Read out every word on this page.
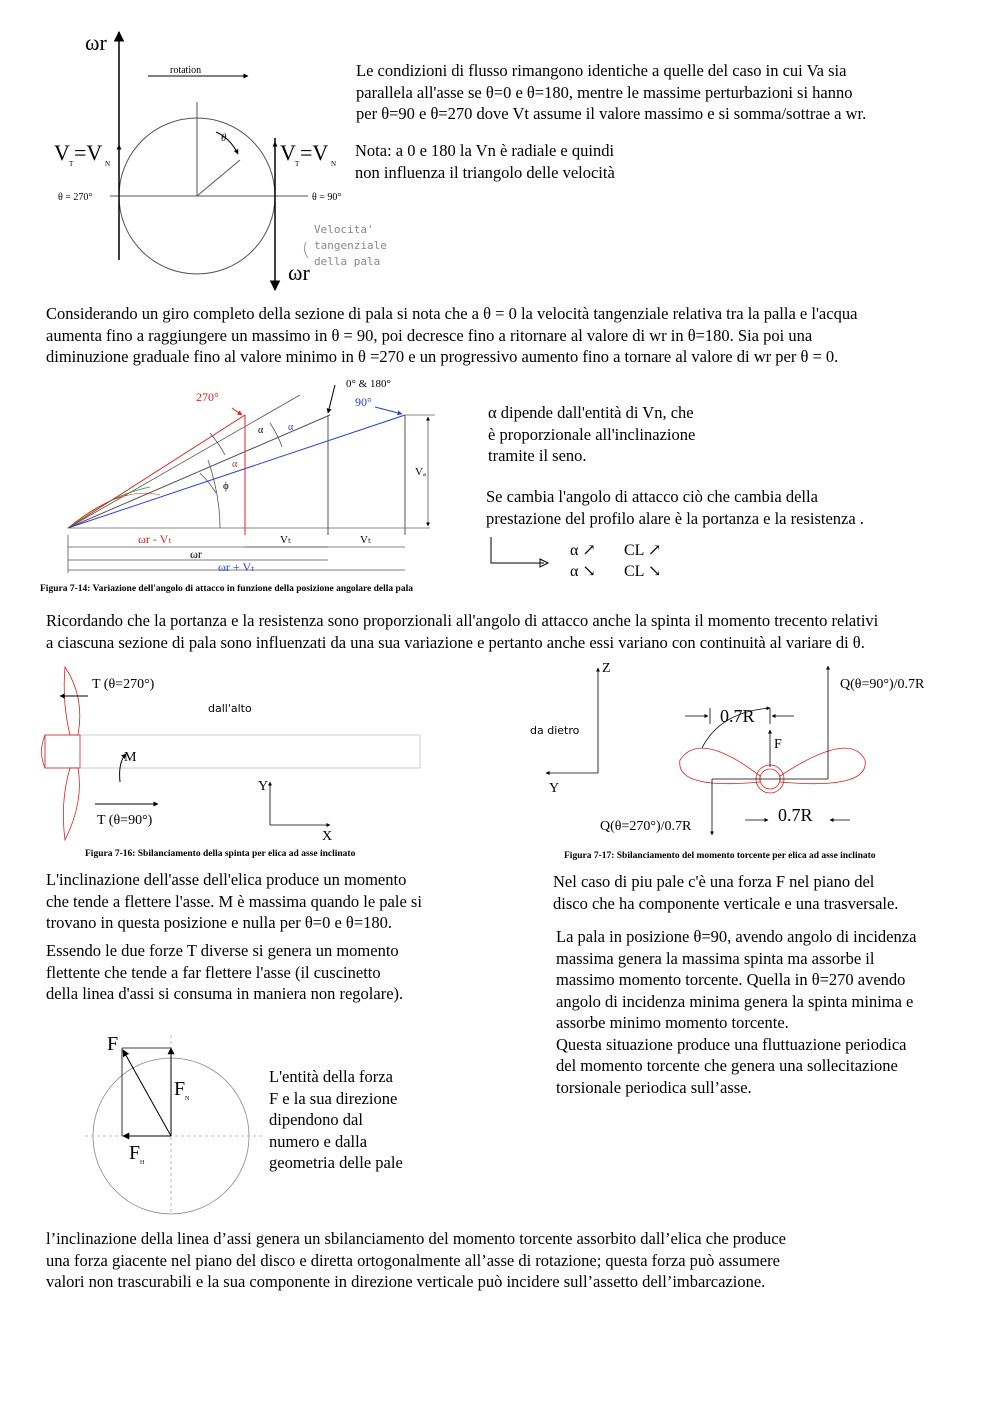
ωr
rotation
θ
V T =V N	V T =V N
θ = 270°	θ = 90°
ωr
Velocita'
tangenziale
della pala

Le condizioni di flusso rimangono identiche a quelle del caso in cui Va sia
parallela all'asse se θ=0 e θ=180, mentre le massime perturbazioni si hanno
per θ=90 e θ=270 dove Vt assume il valore massimo e si somma/sottrae a wr.

Nota: a 0 e 180 la Vn è radiale e quindi
non influenza il triangolo delle velocità

Considerando un giro completo della sezione di pala si nota che a θ = 0 la velocità tangenziale relativa tra la palla e l'acqua
aumenta fino a raggiungere un massimo in θ = 90, poi decresce fino a ritornare al valore di wr in θ=180. Sia poi una
diminuzione graduale fino al valore minimo in θ =270 e un progressivo aumento fino a tornare al valore di wr per θ = 0.

270°
0° & 180°
90°
α α
α
ϕ
Vₐ
ωr - Vₜ	Vₜ	Vₜ
ωr
ωr + Vₜ
Figura 7-14: Variazione dell'angolo di attacco in funzione della posizione angolare della pala

α dipende dall'entità di Vn, che
è proporzionale all'inclinazione
tramite il seno.

Se cambia l'angolo di attacco ciò che cambia della
prestazione del profilo alare è la portanza e la resistenza .

α ↗ CL ↗
α ↘ CL ↘

Ricordando che la portanza e la resistenza sono proporzionali all'angolo di attacco anche la spinta il momento trecento relativi
a ciascuna sezione di pala sono influenzati da una sua variazione e pertanto anche essi variano con continuità al variare di θ.

T (θ=270°)
dall'alto
M
T (θ=90°)
Y
X
Figura 7-16: Sbilanciamento della spinta per elica ad asse inclinato
Z
Q(θ=90°)/0.7R
0.7R
da dietro
F
Y
Q(θ=270°)/0.7R
0.7R
Figura 7-17: Sbilanciamento del momento torcente per elica ad asse inclinato

L'inclinazione dell'asse dell'elica produce un momento
che tende a flettere l'asse. M è massima quando le pale si
trovano in questa posizione e nulla per θ=0 e θ=180.

Essendo le due forze T diverse si genera un momento
flettente che tende a far flettere l'asse (il cuscinetto
della linea d'assi si consuma in maniera non regolare).

Nel caso di piu pale c'è una forza F nel piano del
disco che ha componente verticale e una trasversale.

La pala in posizione θ=90, avendo angolo di incidenza
massima genera la massima spinta ma assorbe il
massimo momento torcente. Quella in θ=270 avendo
angolo di incidenza minima genera la spinta minima e
assorbe minimo momento torcente.
Questa situazione produce una fluttuazione periodica
del momento torcente che genera una sollecitazione
torsionale periodica sull’asse.

F
F N
F H

L'entità della forza
F e la sua direzione
dipendono dal
numero e dalla
geometria delle pale

l’inclinazione della linea d’assi genera un sbilanciamento del momento torcente assorbito dall’elica che produce
una forza giacente nel piano del disco e diretta ortogonalmente all’asse di rotazione; questa forza può assumere
valori non trascurabili e la sua componente in direzione verticale può incidere sull’assetto dell’imbarcazione.
